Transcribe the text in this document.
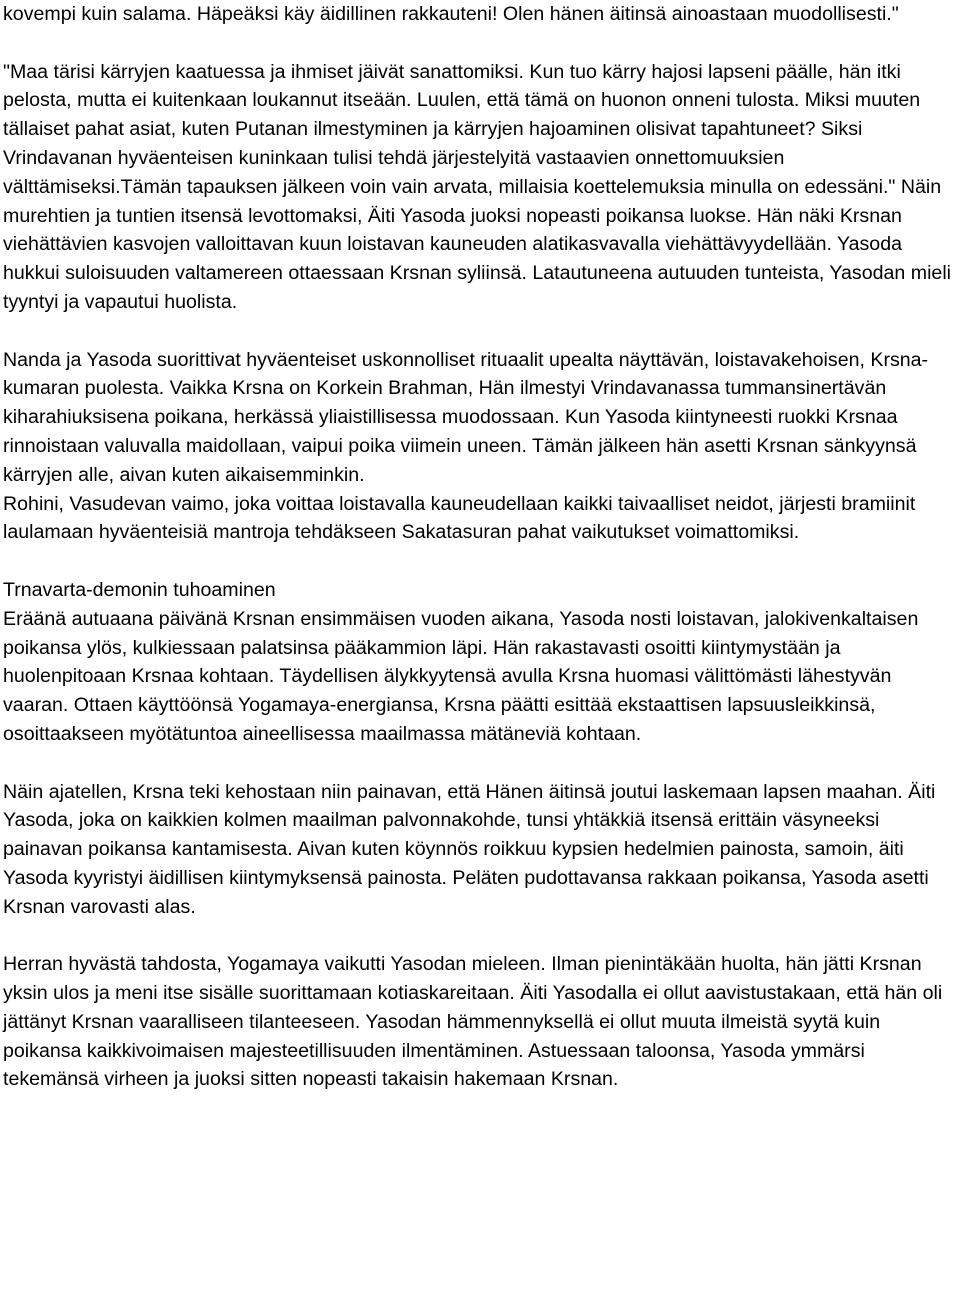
kovempi kuin salama. Häpeäksi käy äidillinen rakkauteni! Olen hänen äitinsä ainoastaan muodollisesti."

"Maa tärisi kärryjen kaatuessa ja ihmiset jäivät sanattomiksi. Kun tuo kärry hajosi lapseni päälle, hän itki pelosta, mutta ei kuitenkaan loukannut itseään. Luulen, että tämä on huonon onneni tulosta. Miksi muuten tällaiset pahat asiat, kuten Putanan ilmestyminen ja kärryjen hajoaminen olisivat tapahtuneet? Siksi Vrindavanan hyväenteisen kuninkaan tulisi tehdä järjestelyitä vastaavien onnettomuuksien välttämiseksi.Tämän tapauksen jälkeen voin vain arvata, millaisia koettelemuksia minulla on edessäni." Näin murehtien ja tuntien itsensä levottomaksi, Äiti Yasoda juoksi nopeasti poikansa luokse. Hän näki Krsnan viehättävien kasvojen valloittavan kuun loistavan kauneuden alatikasvavalla viehättävyydellään. Yasoda hukkui suloisuuden valtamereen ottaessaan Krsnan syliinsä. Latautuneena autuuden tunteista, Yasodan mieli tyyntyi ja vapautui huolista.

Nanda ja Yasoda suorittivat hyväenteiset uskonnolliset rituaalit upealta näyttävän, loistavakehoisen, Krsna-kumaran puolesta. Vaikka Krsna on Korkein Brahman, Hän ilmestyi Vrindavanassa tummansinertävän kiharahiuksisena poikana, herkässä yliaistillisessa muodossaan. Kun Yasoda kiintyneesti ruokki Krsnaa rinnoistaan valuvalla maidollaan, vaipui poika viimein uneen. Tämän jälkeen hän asetti Krsnan sänkyynsä kärryjen alle, aivan kuten aikaisemminkin.

Rohini, Vasudevan vaimo, joka voittaa loistavalla kauneudellaan kaikki taivaalliset neidot, järjesti bramiinit laulamaan hyväenteisiä mantroja tehdäkseen Sakatasuran pahat vaikutukset voimattomiksi.

Trnavarta-demonin tuhoaminen

Eräänä autuaana päivänä Krsnan ensimmäisen vuoden aikana, Yasoda nosti loistavan, jalokivenkaltaisen poikansa ylös, kulkiessaan palatsinsa pääkammion läpi. Hän rakastavasti osoitti kiintymystään ja huolenpitoaan Krsnaa kohtaan. Täydellisen älykkyytensä avulla Krsna huomasi välittömästi lähestyvän vaaran. Ottaen käyttöönsä Yogamaya-energiansa, Krsna päätti esittää ekstaattisen lapsuusleikkinsä, osoittaakseen myötätuntoa aineellisessa maailmassa mätäneviä kohtaan.

Näin ajatellen, Krsna teki kehostaan niin painavan, että Hänen äitinsä joutui laskemaan lapsen maahan. Äiti Yasoda, joka on kaikkien kolmen maailman palvonnakohde, tunsi yhtäkkiä itsensä erittäin väsyneeksi painavan poikansa kantamisesta. Aivan kuten köynnös roikkuu kypsien hedelmien painosta, samoin, äiti Yasoda kyyristyi äidillisen kiintymyksensä painosta. Peläten pudottavansa rakkaan poikansa, Yasoda asetti Krsnan varovasti alas.

Herran hyvästä tahdosta, Yogamaya vaikutti Yasodan mieleen. Ilman pienintäkään huolta, hän jätti Krsnan yksin ulos ja meni itse sisälle suorittamaan kotiaskareitaan. Äiti Yasodalla ei ollut aavistustakaan, että hän oli jättänyt Krsnan vaaralliseen tilanteeseen. Yasodan hämmennyksellä ei ollut muuta ilmeistä syytä kuin poikansa kaikkivoimaisen majesteetillisuuden ilmentäminen. Astuessaan taloonsa, Yasoda ymmärsi tekemänsä virheen ja juoksi sitten nopeasti takaisin hakemaan Krsnan.
